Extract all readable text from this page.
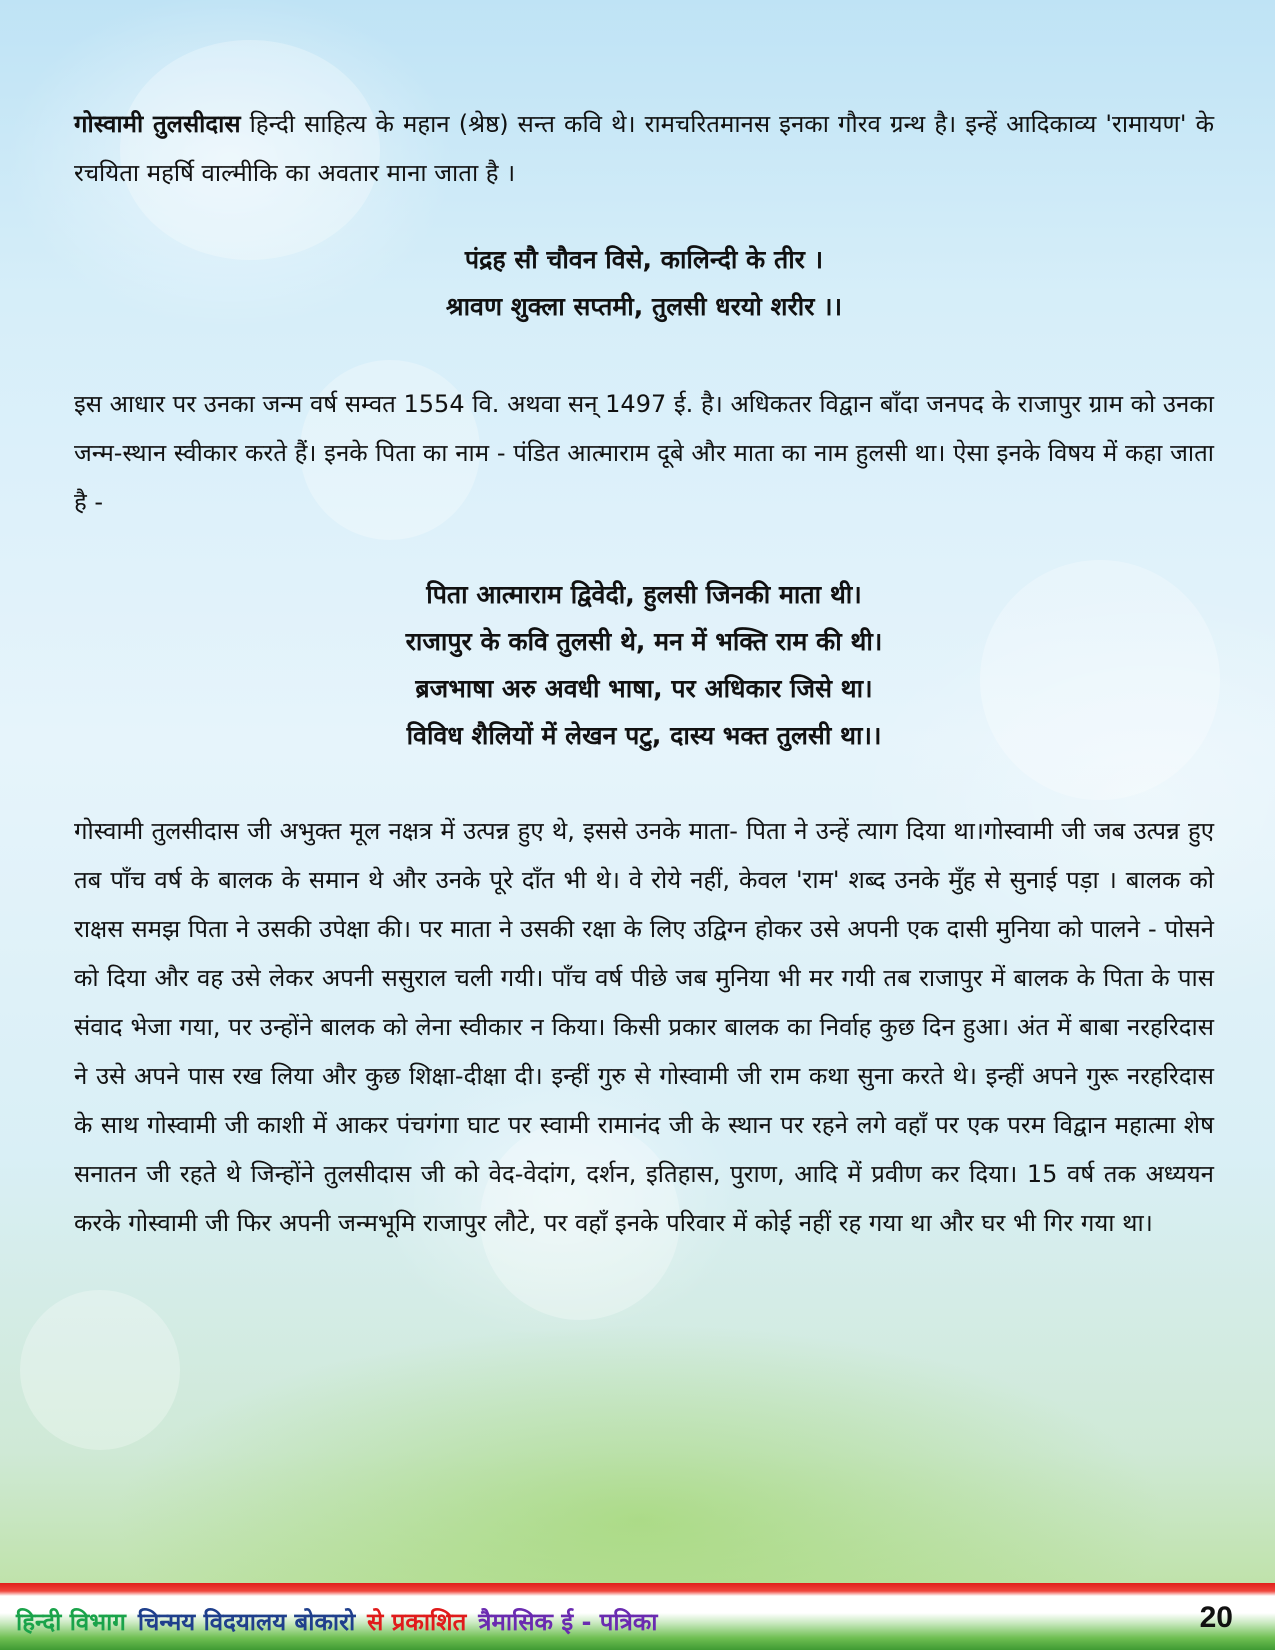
गोस्वामी तुलसीदास हिन्दी साहित्य के महान (श्रेष्ठ) सन्त कवि थे। रामचरितमानस इनका गौरव ग्रन्थ है। इन्हें आदिकाव्य 'रामायण' के रचयिता महर्षि वाल्मीकि का अवतार माना जाता है ।

पंद्रह सौ चौवन विसे, कालिन्दी के तीर ।
श्रावण शुक्ला सप्तमी, तुलसी धरयो शरीर ।।

इस आधार पर उनका जन्म वर्ष सम्वत 1554 वि. अथवा सन् 1497 ई. है। अधिकतर विद्वान बाँदा जनपद के राजापुर ग्राम को उनका जन्म-स्थान स्वीकार करते हैं। इनके पिता का नाम - पंडित आत्माराम दूबे और माता का नाम हुलसी था। ऐसा इनके विषय में कहा जाता है -

पिता आत्माराम द्विवेदी, हुलसी जिनकी माता थी।
राजापुर के कवि तुलसी थे, मन में भक्ति राम की थी।
ब्रजभाषा अरु अवधी भाषा, पर अधिकार जिसे था।
विविध शैलियों में लेखन पटु, दास्य भक्त तुलसी था।।

गोस्वामी तुलसीदास जी अभुक्त मूल नक्षत्र में उत्पन्न हुए थे, इससे उनके माता- पिता ने उन्हें त्याग दिया था।गोस्वामी जी जब उत्पन्न हुए तब पाँच वर्ष के बालक के समान थे और उनके पूरे दाँत भी थे। वे रोये नहीं, केवल 'राम' शब्द उनके मुँह से सुनाई पड़ा । बालक को राक्षस समझ पिता ने उसकी उपेक्षा की। पर माता ने उसकी रक्षा के लिए उद्विग्न होकर उसे अपनी एक दासी मुनिया को पालने - पोसने को दिया और वह उसे लेकर अपनी ससुराल चली गयी। पाँच वर्ष पीछे जब मुनिया भी मर गयी तब राजापुर में बालक के पिता के पास संवाद भेजा गया, पर उन्होंने बालक को लेना स्वीकार न किया। किसी प्रकार बालक का निर्वाह कुछ दिन हुआ। अंत में बाबा नरहरिदास ने उसे अपने पास रख लिया और कुछ शिक्षा-दीक्षा दी। इन्हीं गुरु से गोस्वामी जी राम कथा सुना करते थे। इन्हीं अपने गुरू नरहरिदास के साथ गोस्वामी जी काशी में आकर पंचगंगा घाट पर स्वामी रामानंद जी के स्थान पर रहने लगे वहाँ पर एक परम विद्वान महात्मा शेष सनातन जी रहते थे जिन्होंने तुलसीदास जी को वेद-वेदांग, दर्शन, इतिहास, पुराण, आदि में प्रवीण कर दिया। 15 वर्ष तक अध्ययन करके गोस्वामी जी फिर अपनी जन्मभूमि राजापुर लौटे, पर वहाँ इनके परिवार में कोई नहीं रह गया था और घर भी गिर गया था।

हिन्दी विभाग चिन्मय विदयालय बोकारो से प्रकाशित त्रैमासिक ई - पत्रिका	20
